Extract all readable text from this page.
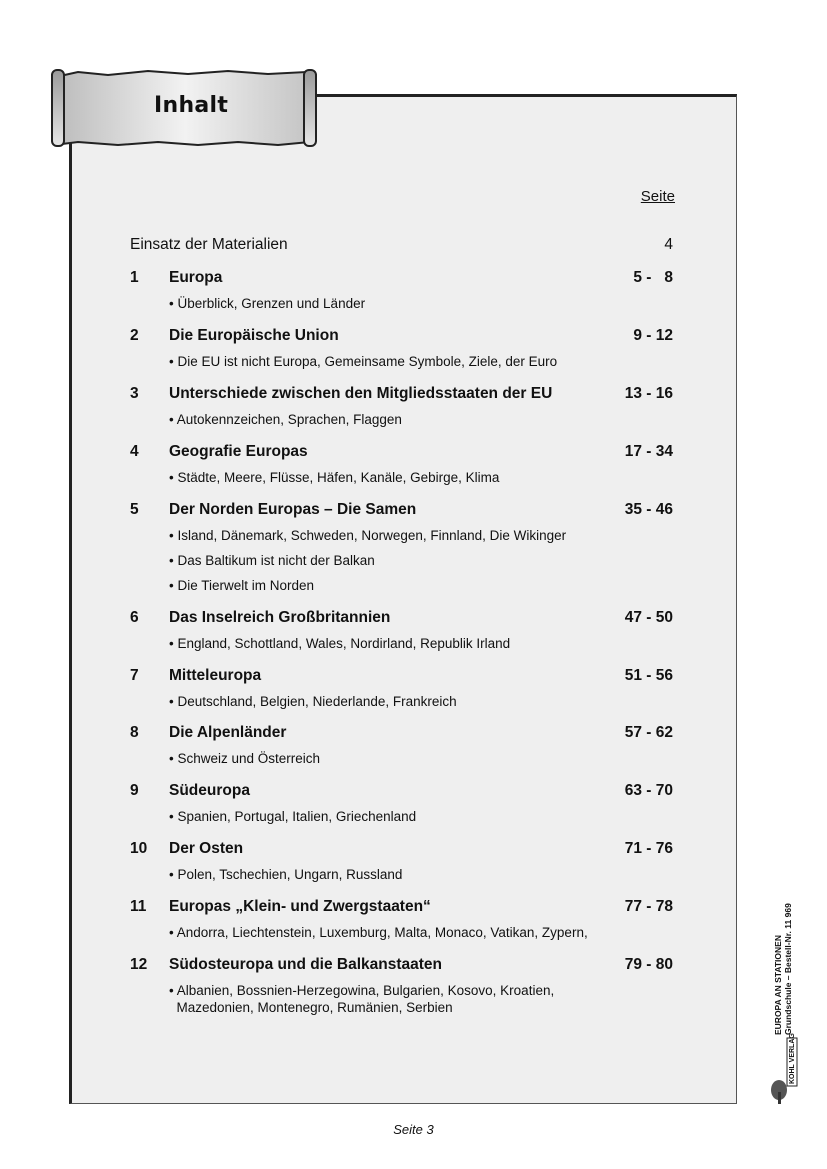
Inhalt
Seite
Einsatz der Materialien	4
1 Europa	5 -   8
• Überblick, Grenzen und Länder
2 Die Europäische Union	9 - 12
• Die EU ist nicht Europa, Gemeinsame Symbole, Ziele, der Euro
3 Unterschiede zwischen den Mitgliedsstaaten der EU	13 - 16
• Autokennzeichen, Sprachen, Flaggen
4 Geografie Europas	17 - 34
• Städte, Meere, Flüsse, Häfen, Kanäle, Gebirge, Klima
5 Der Norden Europas – Die Samen	35 - 46
• Island, Dänemark, Schweden, Norwegen, Finnland, Die Wikinger
• Das Baltikum ist nicht der Balkan
• Die Tierwelt im Norden
6 Das Inselreich Großbritannien	47 - 50
• England, Schottland, Wales, Nordirland, Republik Irland
7 Mitteleuropa	51 - 56
• Deutschland, Belgien, Niederlande, Frankreich
8 Die Alpenländer	57 - 62
• Schweiz und Österreich
9 Südeuropa	63 - 70
• Spanien, Portugal, Italien, Griechenland
10 Der Osten	71 - 76
• Polen, Tschechien, Ungarn, Russland
11 Europas „Klein- und Zwergstaaten“	77 - 78
• Andorra, Liechtenstein, Luxemburg, Malta, Monaco, Vatikan, Zypern,
12 Südosteuropa und die Balkanstaaten	79 - 80
• Albanien, Bossnien-Herzegowina, Bulgarien, Kosovo, Kroatien,
Mazedonien, Montenegro, Rumänien, Serbien
Seite 3
EUROPA AN STATIONEN Grundschule – Bestell-Nr. 11 969
KOHL VERLAG
